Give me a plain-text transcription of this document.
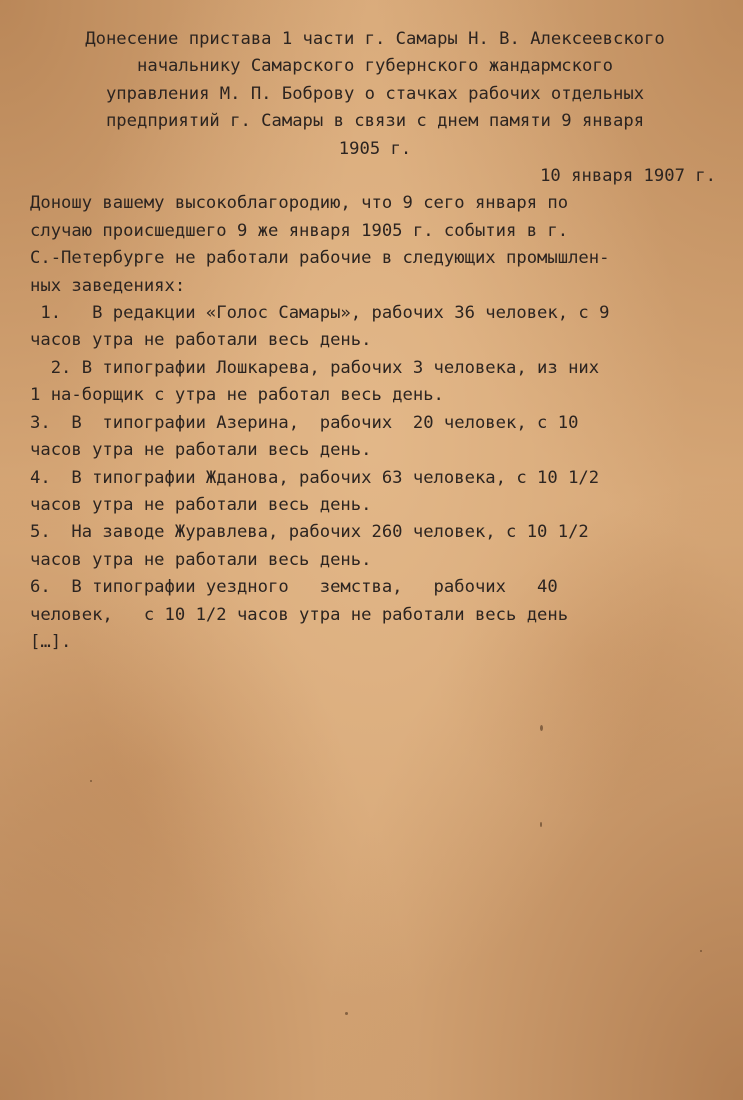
Донесение пристава 1 части г. Самары Н. В. Алексеевского
начальнику Самарского губернского жандармского
управления М. П. Боброву о стачках рабочих отдельных
предприятий г. Самары в связи с днем памяти 9 января
1905 г.
10 января 1907 г.
Доношу вашему высокоблагородию, что 9 сего января по
случаю происшедшего 9 же января 1905 г. события в г.
С.-Петербурге не работали рабочие в следующих промышлен-
ных заведениях:
1.   В редакции «Голос Самары», рабочих 36 человек, с 9
часов утра не работали весь день.
2. В типографии Лошкарева, рабочих 3 человека, из них
1 на-борщик с утра не работал весь день.
3.  В  типографии Азерина,  рабочих  20 человек, с 10
часов утра не работали весь день.
4.  В типографии Жданова, рабочих 63 человека, с 10 1/2
часов утра не работали весь день.
5.  На заводе Журавлева, рабочих 260 человек, с 10 1/2
часов утра не работали весь день.
6.  В типографии уездного   земства,   рабочих   40
человек,   с 10 1/2 часов утра не работали весь день
[…].
